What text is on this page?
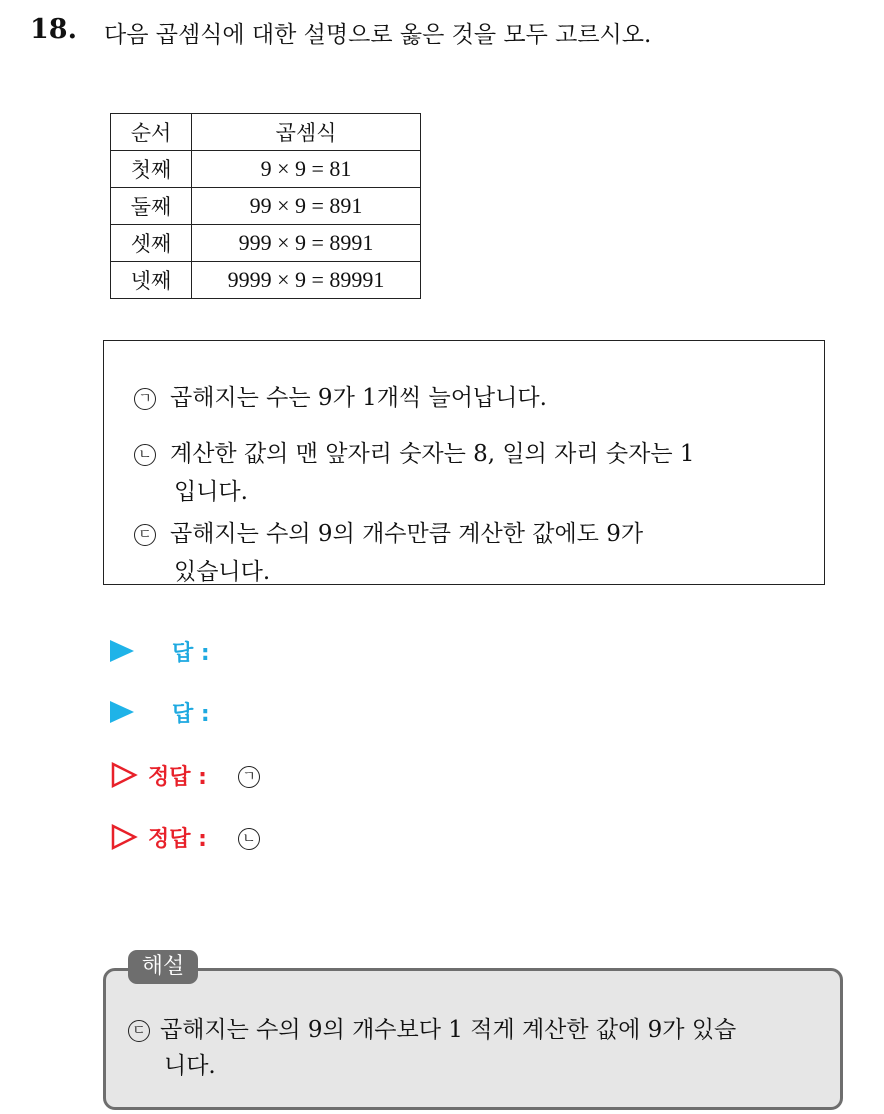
18. 다음 곱셈식에 대한 설명으로 옳은 것을 모두 고르시오.
순서	곱셈식
첫째	9 × 9 = 81
둘째	99 × 9 = 891
셋째	999 × 9 = 8991
넷째	9999 × 9 = 89991
ㄱ 곱해지는 수는 9가 1개씩 늘어납니다.
ㄴ 계산한 값의 맨 앞자리 숫자는 8, 일의 자리 숫자는 1
입니다.
ㄷ 곱해지는 수의 9의 개수만큼 계산한 값에도 9가
있습니다.
답 :
답 :
정답 :	ㄱ
정답 :	ㄴ
ㄷ 곱해지는 수의 9의 개수보다 1 적게 계산한 값에 9가 있습
니다.
해설
